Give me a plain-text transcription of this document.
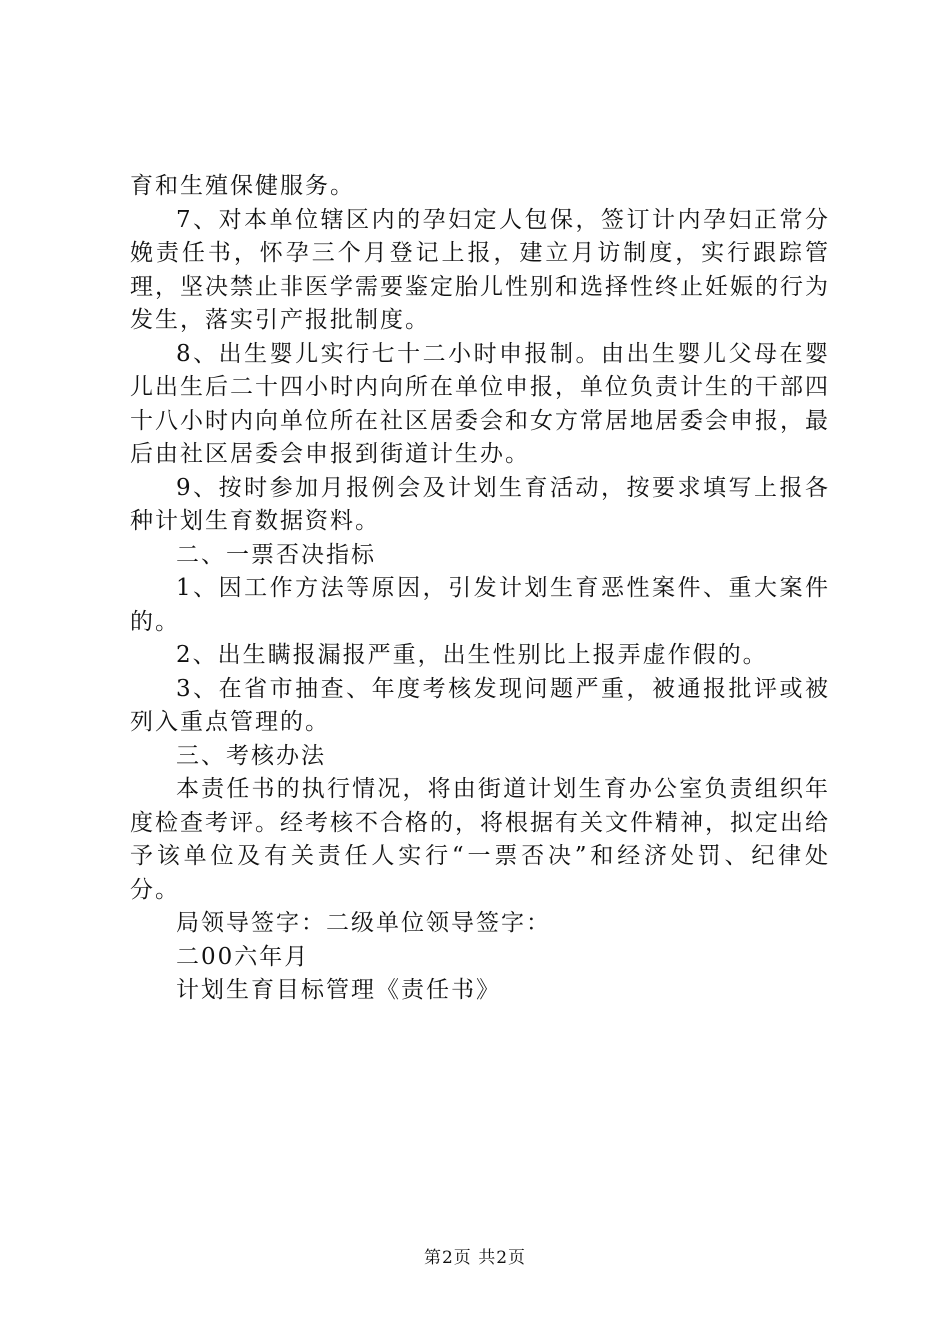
育和生殖保健服务。

7、对本单位辖区内的孕妇定人包保，签订计内孕妇正常分娩责任书，怀孕三个月登记上报，建立月访制度，实行跟踪管理，坚决禁止非医学需要鉴定胎儿性别和选择性终止妊娠的行为发生，落实引产报批制度。

8、出生婴儿实行七十二小时申报制。由出生婴儿父母在婴儿出生后二十四小时内向所在单位申报，单位负责计生的干部四十八小时内向单位所在社区居委会和女方常居地居委会申报，最后由社区居委会申报到街道计生办。

9、按时参加月报例会及计划生育活动，按要求填写上报各种计划生育数据资料。

二、一票否决指标

1、因工作方法等原因，引发计划生育恶性案件、重大案件的。

2、出生瞒报漏报严重，出生性别比上报弄虚作假的。

3、在省市抽查、年度考核发现问题严重，被通报批评或被列入重点管理的。

三、考核办法

本责任书的执行情况，将由街道计划生育办公室负责组织年度检查考评。经考核不合格的，将根据有关文件精神，拟定出给予该单位及有关责任人实行“一票否决”和经济处罚、纪律处分。

局领导签字：二级单位领导签字：

二00六年月

计划生育目标管理《责任书》

第2页 共2页
